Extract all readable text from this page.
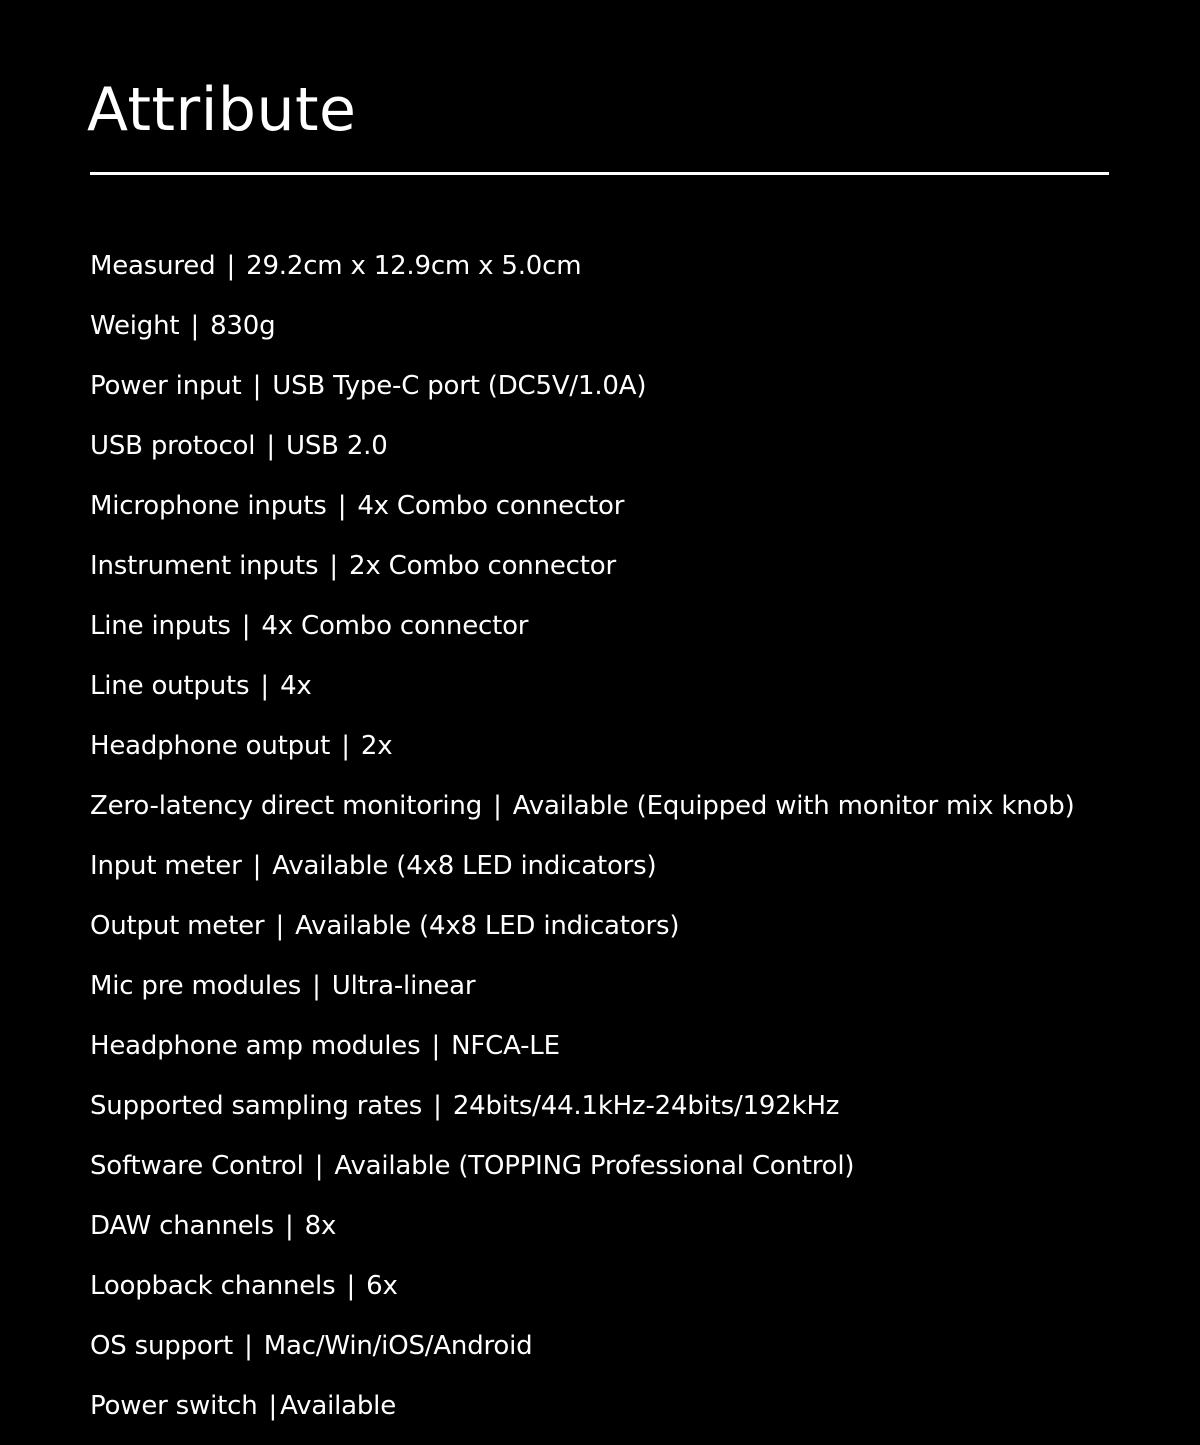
Attribute
Measured | 29.2cm x 12.9cm x 5.0cm
Weight | 830g
Power input | USB Type-C port (DC5V/1.0A)
USB protocol | USB 2.0
Microphone inputs | 4x Combo connector
Instrument inputs | 2x Combo connector
Line inputs | 4x Combo connector
Line outputs | 4x
Headphone output | 2x
Zero-latency direct monitoring | Available (Equipped with monitor mix knob)
Input meter | Available (4x8 LED indicators)
Output meter | Available (4x8 LED indicators)
Mic pre modules | Ultra-linear
Headphone amp modules | NFCA-LE
Supported sampling rates | 24bits/44.1kHz-24bits/192kHz
Software Control | Available (TOPPING Professional Control)
DAW channels | 8x
Loopback channels | 6x
OS support | Mac/Win/iOS/Android
Power switch | Available
